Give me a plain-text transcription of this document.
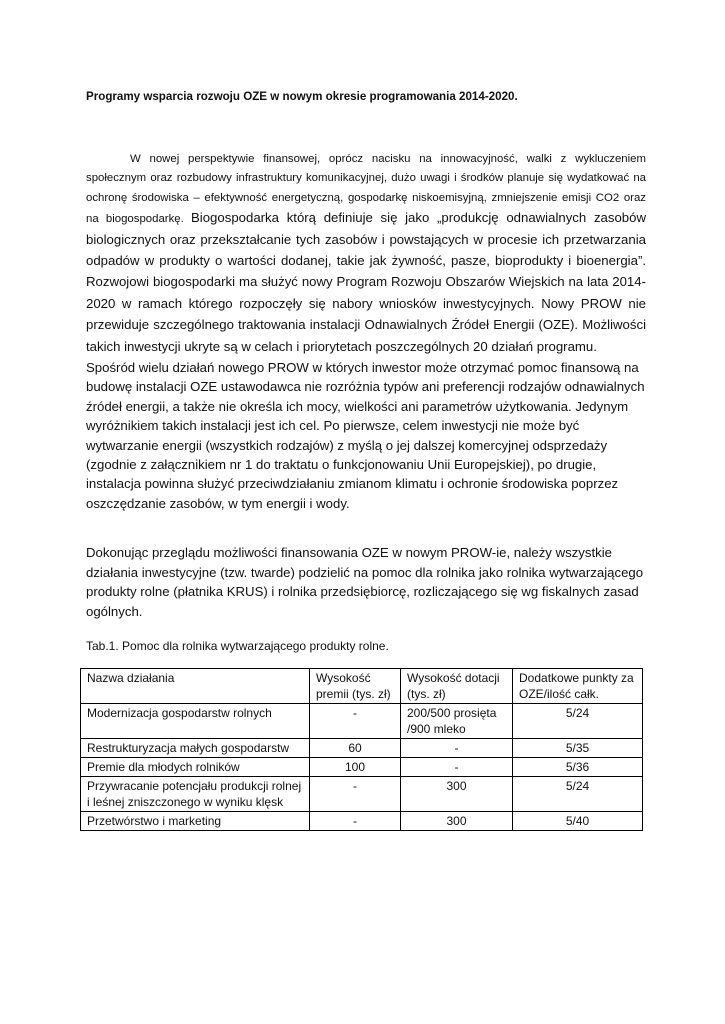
Programy wsparcia rozwoju OZE w nowym okresie programowania 2014-2020.
W nowej perspektywie finansowej, oprócz nacisku na innowacyjność, walki z wykluczeniem społecznym oraz rozbudowy infrastruktury komunikacyjnej, dużo uwagi i środków planuje się wydatkować na ochronę środowiska – efektywność energetyczną, gospodarkę niskoemisyjną, zmniejszenie emisji CO2 oraz na biogospodarkę. Biogospodarka którą definiuje się jako „produkcję odnawialnych zasobów biologicznych oraz przekształcanie tych zasobów i powstających w procesie ich przetwarzania odpadów w produkty o wartości dodanej, takie jak żywność, pasze, bioprodukty i bioenergia”. Rozwojowi biogospodarki ma służyć nowy Program Rozwoju Obszarów Wiejskich na lata 2014-2020 w ramach którego rozpoczęły się nabory wniosków inwestycyjnych. Nowy PROW nie przewiduje szczególnego traktowania instalacji Odnawialnych Źródeł Energii (OZE). Możliwości takich inwestycji ukryte są w celach i priorytetach poszczególnych 20 działań programu.
Spośród wielu działań nowego PROW w których inwestor może otrzymać pomoc finansową na budowę instalacji OZE ustawodawca nie rozróżnia typów ani preferencji rodzajów odnawialnych źródeł energii, a także nie określa ich mocy, wielkości ani parametrów użytkowania. Jedynym wyróżnikiem takich instalacji jest ich cel. Po pierwsze, celem inwestycji nie może być wytwarzanie energii (wszystkich rodzajów) z myślą o jej dalszej komercyjnej odsprzedaży (zgodnie z załącznikiem nr 1 do traktatu o funkcjonowaniu Unii Europejskiej), po drugie, instalacja powinna służyć przeciwdziałaniu zmianom klimatu i ochronie środowiska poprzez oszczędzanie zasobów, w tym energii i wody.
Dokonując przeglądu możliwości finansowania OZE w nowym PROW-ie, należy wszystkie działania inwestycyjne (tzw. twarde) podzielić na pomoc dla rolnika jako rolnika wytwarzającego produkty rolne (płatnika KRUS) i rolnika przedsiębiorcę, rozliczającego się wg fiskalnych zasad ogólnych.
Tab.1. Pomoc dla rolnika wytwarzającego produkty rolne.
Nazwa działania	Wysokość premii (tys. zł)	Wysokość dotacji (tys. zł)	Dodatkowe punkty za OZE/ilość całk.
Modernizacja gospodarstw rolnych	-	200/500 prosięta /900 mleko	5/24
Restrukturyzacja małych gospodarstw	60	-	5/35
Premie dla młodych rolników	100	-	5/36
Przywracanie potencjału produkcji rolnej i leśnej zniszczonego w wyniku klęsk	-	300	5/24
Przetwórstwo i marketing	-	300	5/40
